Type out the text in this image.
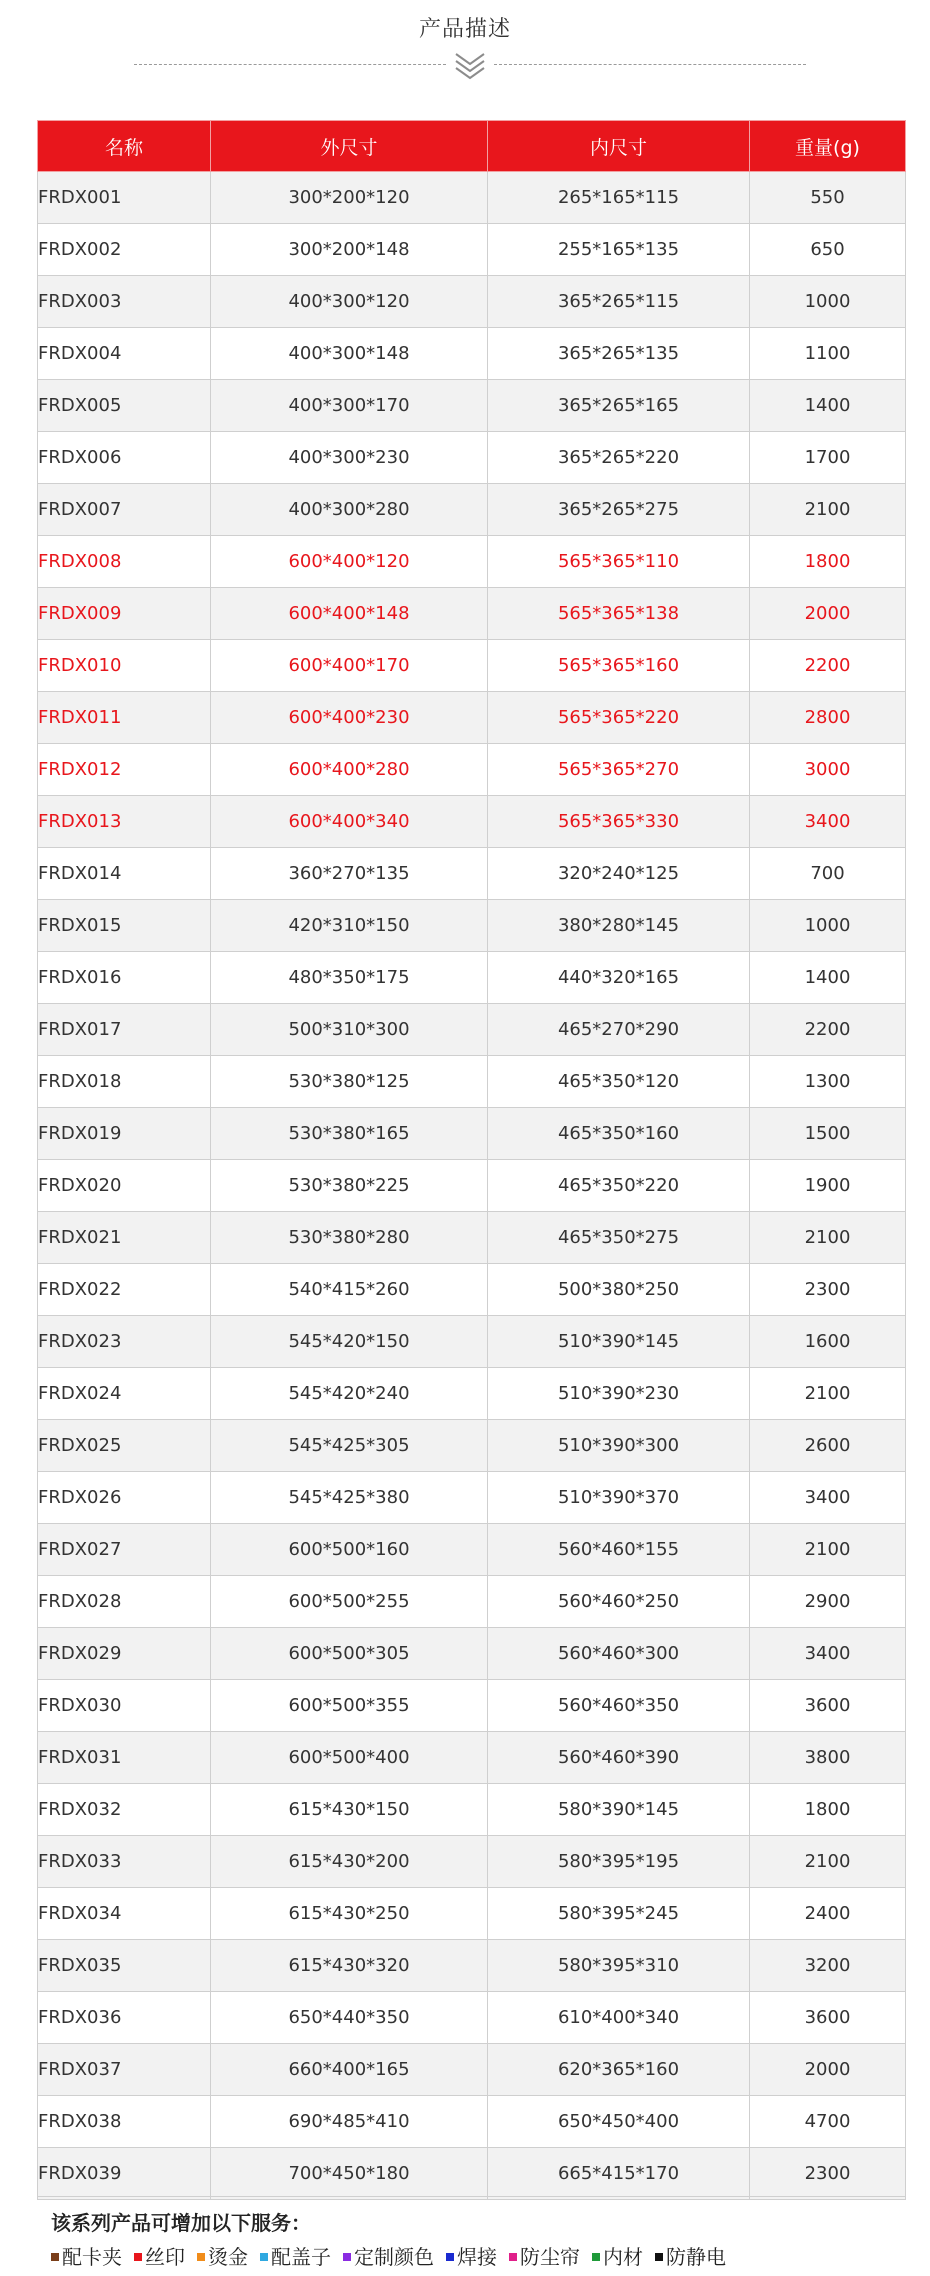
产品描述
名称	外尺寸	内尺寸	重量(g)
FRDX001	300*200*120	265*165*115	550
FRDX002	300*200*148	255*165*135	650
FRDX003	400*300*120	365*265*115	1000
FRDX004	400*300*148	365*265*135	1100
FRDX005	400*300*170	365*265*165	1400
FRDX006	400*300*230	365*265*220	1700
FRDX007	400*300*280	365*265*275	2100
FRDX008	600*400*120	565*365*110	1800
FRDX009	600*400*148	565*365*138	2000
FRDX010	600*400*170	565*365*160	2200
FRDX011	600*400*230	565*365*220	2800
FRDX012	600*400*280	565*365*270	3000
FRDX013	600*400*340	565*365*330	3400
FRDX014	360*270*135	320*240*125	700
FRDX015	420*310*150	380*280*145	1000
FRDX016	480*350*175	440*320*165	1400
FRDX017	500*310*300	465*270*290	2200
FRDX018	530*380*125	465*350*120	1300
FRDX019	530*380*165	465*350*160	1500
FRDX020	530*380*225	465*350*220	1900
FRDX021	530*380*280	465*350*275	2100
FRDX022	540*415*260	500*380*250	2300
FRDX023	545*420*150	510*390*145	1600
FRDX024	545*420*240	510*390*230	2100
FRDX025	545*425*305	510*390*300	2600
FRDX026	545*425*380	510*390*370	3400
FRDX027	600*500*160	560*460*155	2100
FRDX028	600*500*255	560*460*250	2900
FRDX029	600*500*305	560*460*300	3400
FRDX030	600*500*355	560*460*350	3600
FRDX031	600*500*400	560*460*390	3800
FRDX032	615*430*150	580*390*145	1800
FRDX033	615*430*200	580*395*195	2100
FRDX034	615*430*250	580*395*245	2400
FRDX035	615*430*320	580*395*310	3200
FRDX036	650*440*350	610*400*340	3600
FRDX037	660*400*165	620*365*160	2000
FRDX038	690*485*410	650*450*400	4700
FRDX039	700*450*180	665*415*170	2300
该系列产品可增加以下服务：
配卡夹 丝印 烫金 配盖子 定制颜色 焊接 防尘帘 内材 防静电
